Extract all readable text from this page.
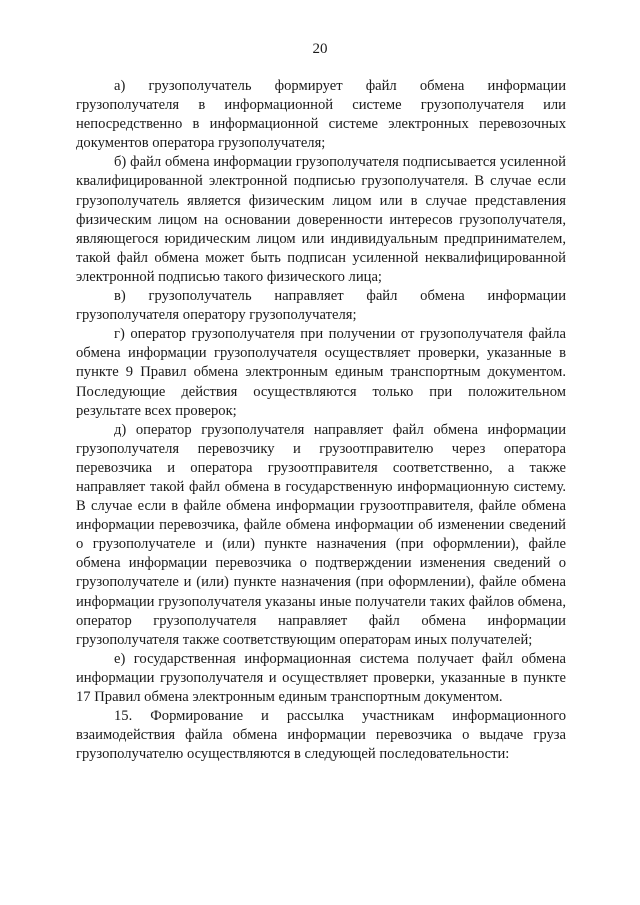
20

а) грузополучатель формирует файл обмена информации грузополучателя в информационной системе грузополучателя или непосредственно в информационной системе электронных перевозочных документов оператора грузополучателя;

б) файл обмена информации грузополучателя подписывается усиленной квалифицированной электронной подписью грузополучателя. В случае если грузополучатель является физическим лицом или в случае представления физическим лицом на основании доверенности интересов грузополучателя, являющегося юридическим лицом или индивидуальным предпринимателем, такой файл обмена может быть подписан усиленной неквалифицированной электронной подписью такого физического лица;

в) грузополучатель направляет файл обмена информации грузополучателя оператору грузополучателя;

г) оператор грузополучателя при получении от грузополучателя файла обмена информации грузополучателя осуществляет проверки, указанные в пункте 9 Правил обмена электронным единым транспортным документом. Последующие действия осуществляются только при положительном результате всех проверок;

д) оператор грузополучателя направляет файл обмена информации грузополучателя перевозчику и грузоотправителю через оператора перевозчика и оператора грузоотправителя соответственно, а также направляет такой файл обмена в государственную информационную систему. В случае если в файле обмена информации грузоотправителя, файле обмена информации перевозчика, файле обмена информации об изменении сведений о грузополучателе и (или) пункте назначения (при оформлении), файле обмена информации перевозчика о подтверждении изменения сведений о грузополучателе и (или) пункте назначения (при оформлении), файле обмена информации грузополучателя указаны иные получатели таких файлов обмена, оператор грузополучателя направляет файл обмена информации грузополучателя также соответствующим операторам иных получателей;

е) государственная информационная система получает файл обмена информации грузополучателя и осуществляет проверки, указанные в пункте 17 Правил обмена электронным единым транспортным документом.

15. Формирование и рассылка участникам информационного взаимодействия файла обмена информации перевозчика о выдаче груза грузополучателю осуществляются в следующей последовательности:
